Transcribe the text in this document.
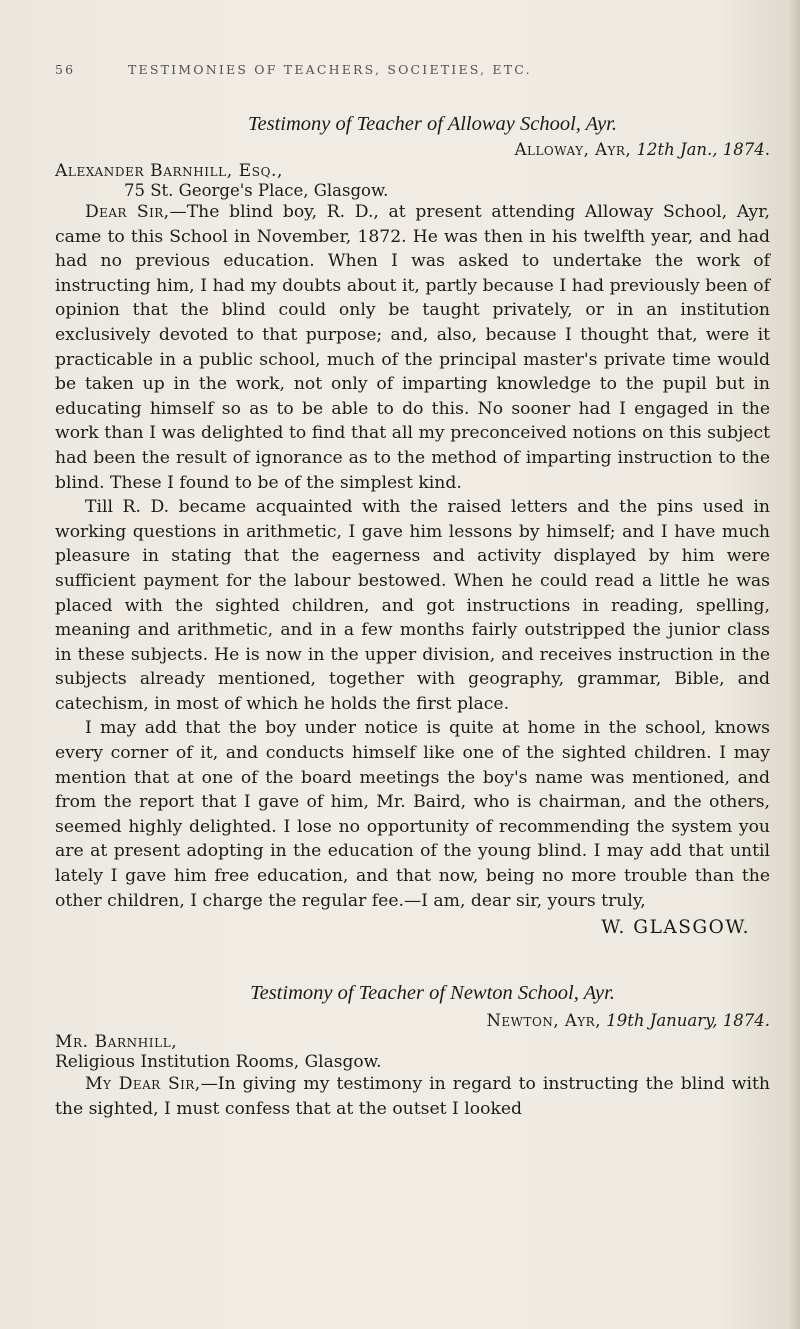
56	TESTIMONIES OF TEACHERS, SOCIETIES, ETC.
Testimony of Teacher of Alloway School, Ayr.
Alloway, Ayr, 12th Jan., 1874.
Alexander Barnhill, Esq.,
75 St. George's Place, Glasgow.

Dear Sir,—The blind boy, R. D., at present attending Alloway School, Ayr, came to this School in November, 1872. He was then in his twelfth year, and had had no previous education. When I was asked to undertake the work of instructing him, I had my doubts about it, partly because I had previously been of opinion that the blind could only be taught privately, or in an institution exclusively devoted to that purpose; and, also, because I thought that, were it practicable in a public school, much of the principal master's private time would be taken up in the work, not only of imparting knowledge to the pupil but in educating himself so as to be able to do this. No sooner had I engaged in the work than I was delighted to find that all my preconceived notions on this subject had been the result of ignorance as to the method of imparting instruction to the blind. These I found to be of the simplest kind.

Till R. D. became acquainted with the raised letters and the pins used in working questions in arithmetic, I gave him lessons by himself; and I have much pleasure in stating that the eagerness and activity displayed by him were sufficient payment for the labour bestowed. When he could read a little he was placed with the sighted children, and got instructions in reading, spelling, meaning and arithmetic, and in a few months fairly outstripped the junior class in these subjects. He is now in the upper division, and receives instruction in the subjects already mentioned, together with geography, grammar, Bible, and catechism, in most of which he holds the first place.

I may add that the boy under notice is quite at home in the school, knows every corner of it, and conducts himself like one of the sighted children. I may mention that at one of the board meetings the boy's name was mentioned, and from the report that I gave of him, Mr. Baird, who is chairman, and the others, seemed highly delighted. I lose no opportunity of recommending the system you are at present adopting in the education of the young blind. I may add that until lately I gave him free education, and that now, being no more trouble than the other children, I charge the regular fee.—I am, dear sir, yours truly,

W. GLASGOW.
Testimony of Teacher of Newton School, Ayr.
Newton, Ayr, 19th January, 1874.
Mr. Barnhill,
Religious Institution Rooms, Glasgow.

My Dear Sir,—In giving my testimony in regard to instructing the blind with the sighted, I must confess that at the outset I looked
